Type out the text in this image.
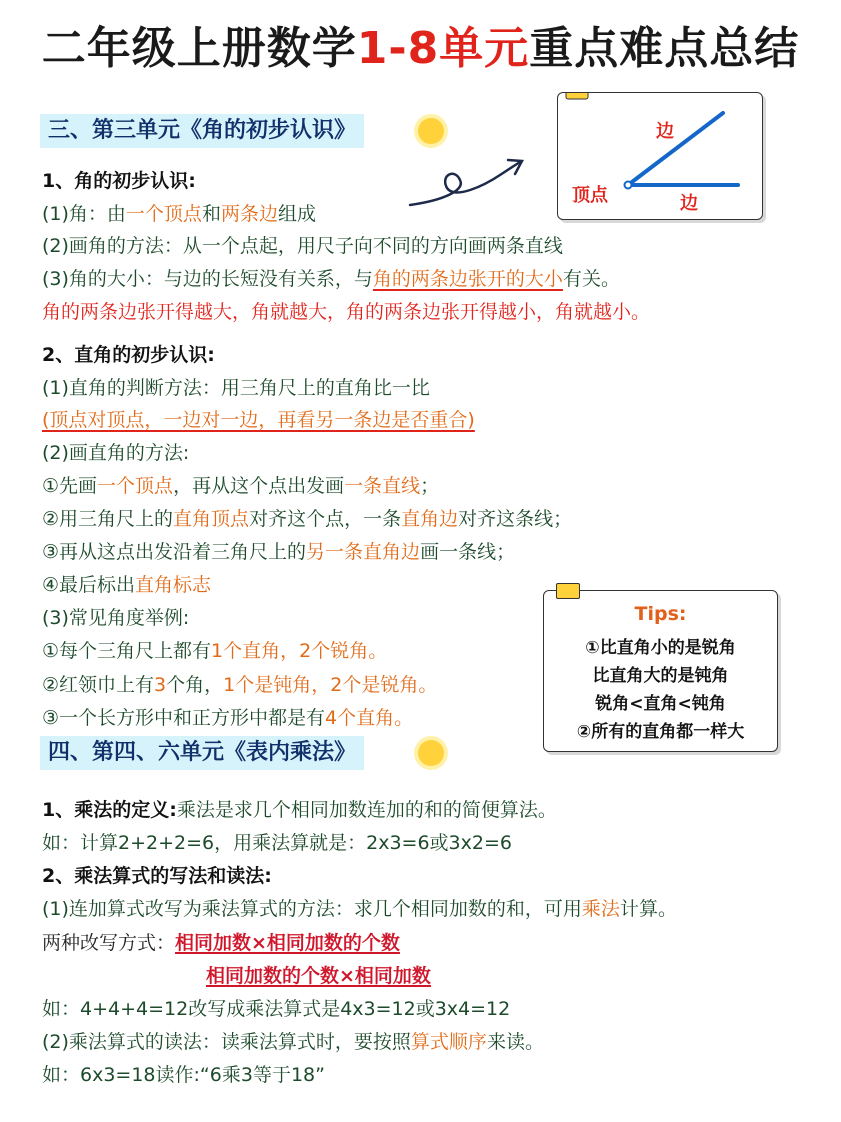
二年级上册数学1-8单元重点难点总结
三、第三单元《角的初步认识》	边
顶点	边
1、角的初步认识:
(1)角：由一个顶点和两条边组成
(2)画角的方法：从一个点起，用尺子向不同的方向画两条直线
(3)角的大小：与边的长短没有关系，与角的两条边张开的大小有关。
角的两条边张开得越大，角就越大，角的两条边张开得越小，角就越小。
2、直角的初步认识:
(1)直角的判断方法：用三角尺上的直角比一比
(顶点对顶点，一边对一边，再看另一条边是否重合)
(2)画直角的方法:
①先画一个顶点，再从这个点出发画一条直线；
②用三角尺上的直角顶点对齐这个点，一条直角边对齐这条线；
③再从这点出发沿着三角尺上的另一条直角边画一条线；
④最后标出直角标志
(3)常见角度举例:
①每个三角尺上都有1个直角，2个锐角。
②红领巾上有3个角，1个是钝角，2个是锐角。
③一个长方形中和正方形中都是有4个直角。
Tips:
①比直角小的是锐角
比直角大的是钝角
锐角<直角<钝角
②所有的直角都一样大
四、第四、六单元《表内乘法》
1、乘法的定义:乘法是求几个相同加数连加的和的简便算法。
如：计算2+2+2=6，用乘法算就是：2x3=6或3x2=6
2、乘法算式的写法和读法:
(1)连加算式改写为乘法算式的方法：求几个相同加数的和，可用乘法计算。
两种改写方式：相同加数×相同加数的个数
相同加数的个数×相同加数
如：4+4+4=12改写成乘法算式是4x3=12或3x4=12
(2)乘法算式的读法：读乘法算式时，要按照算式顺序来读。
如：6x3=18读作:“6乘3等于18”
